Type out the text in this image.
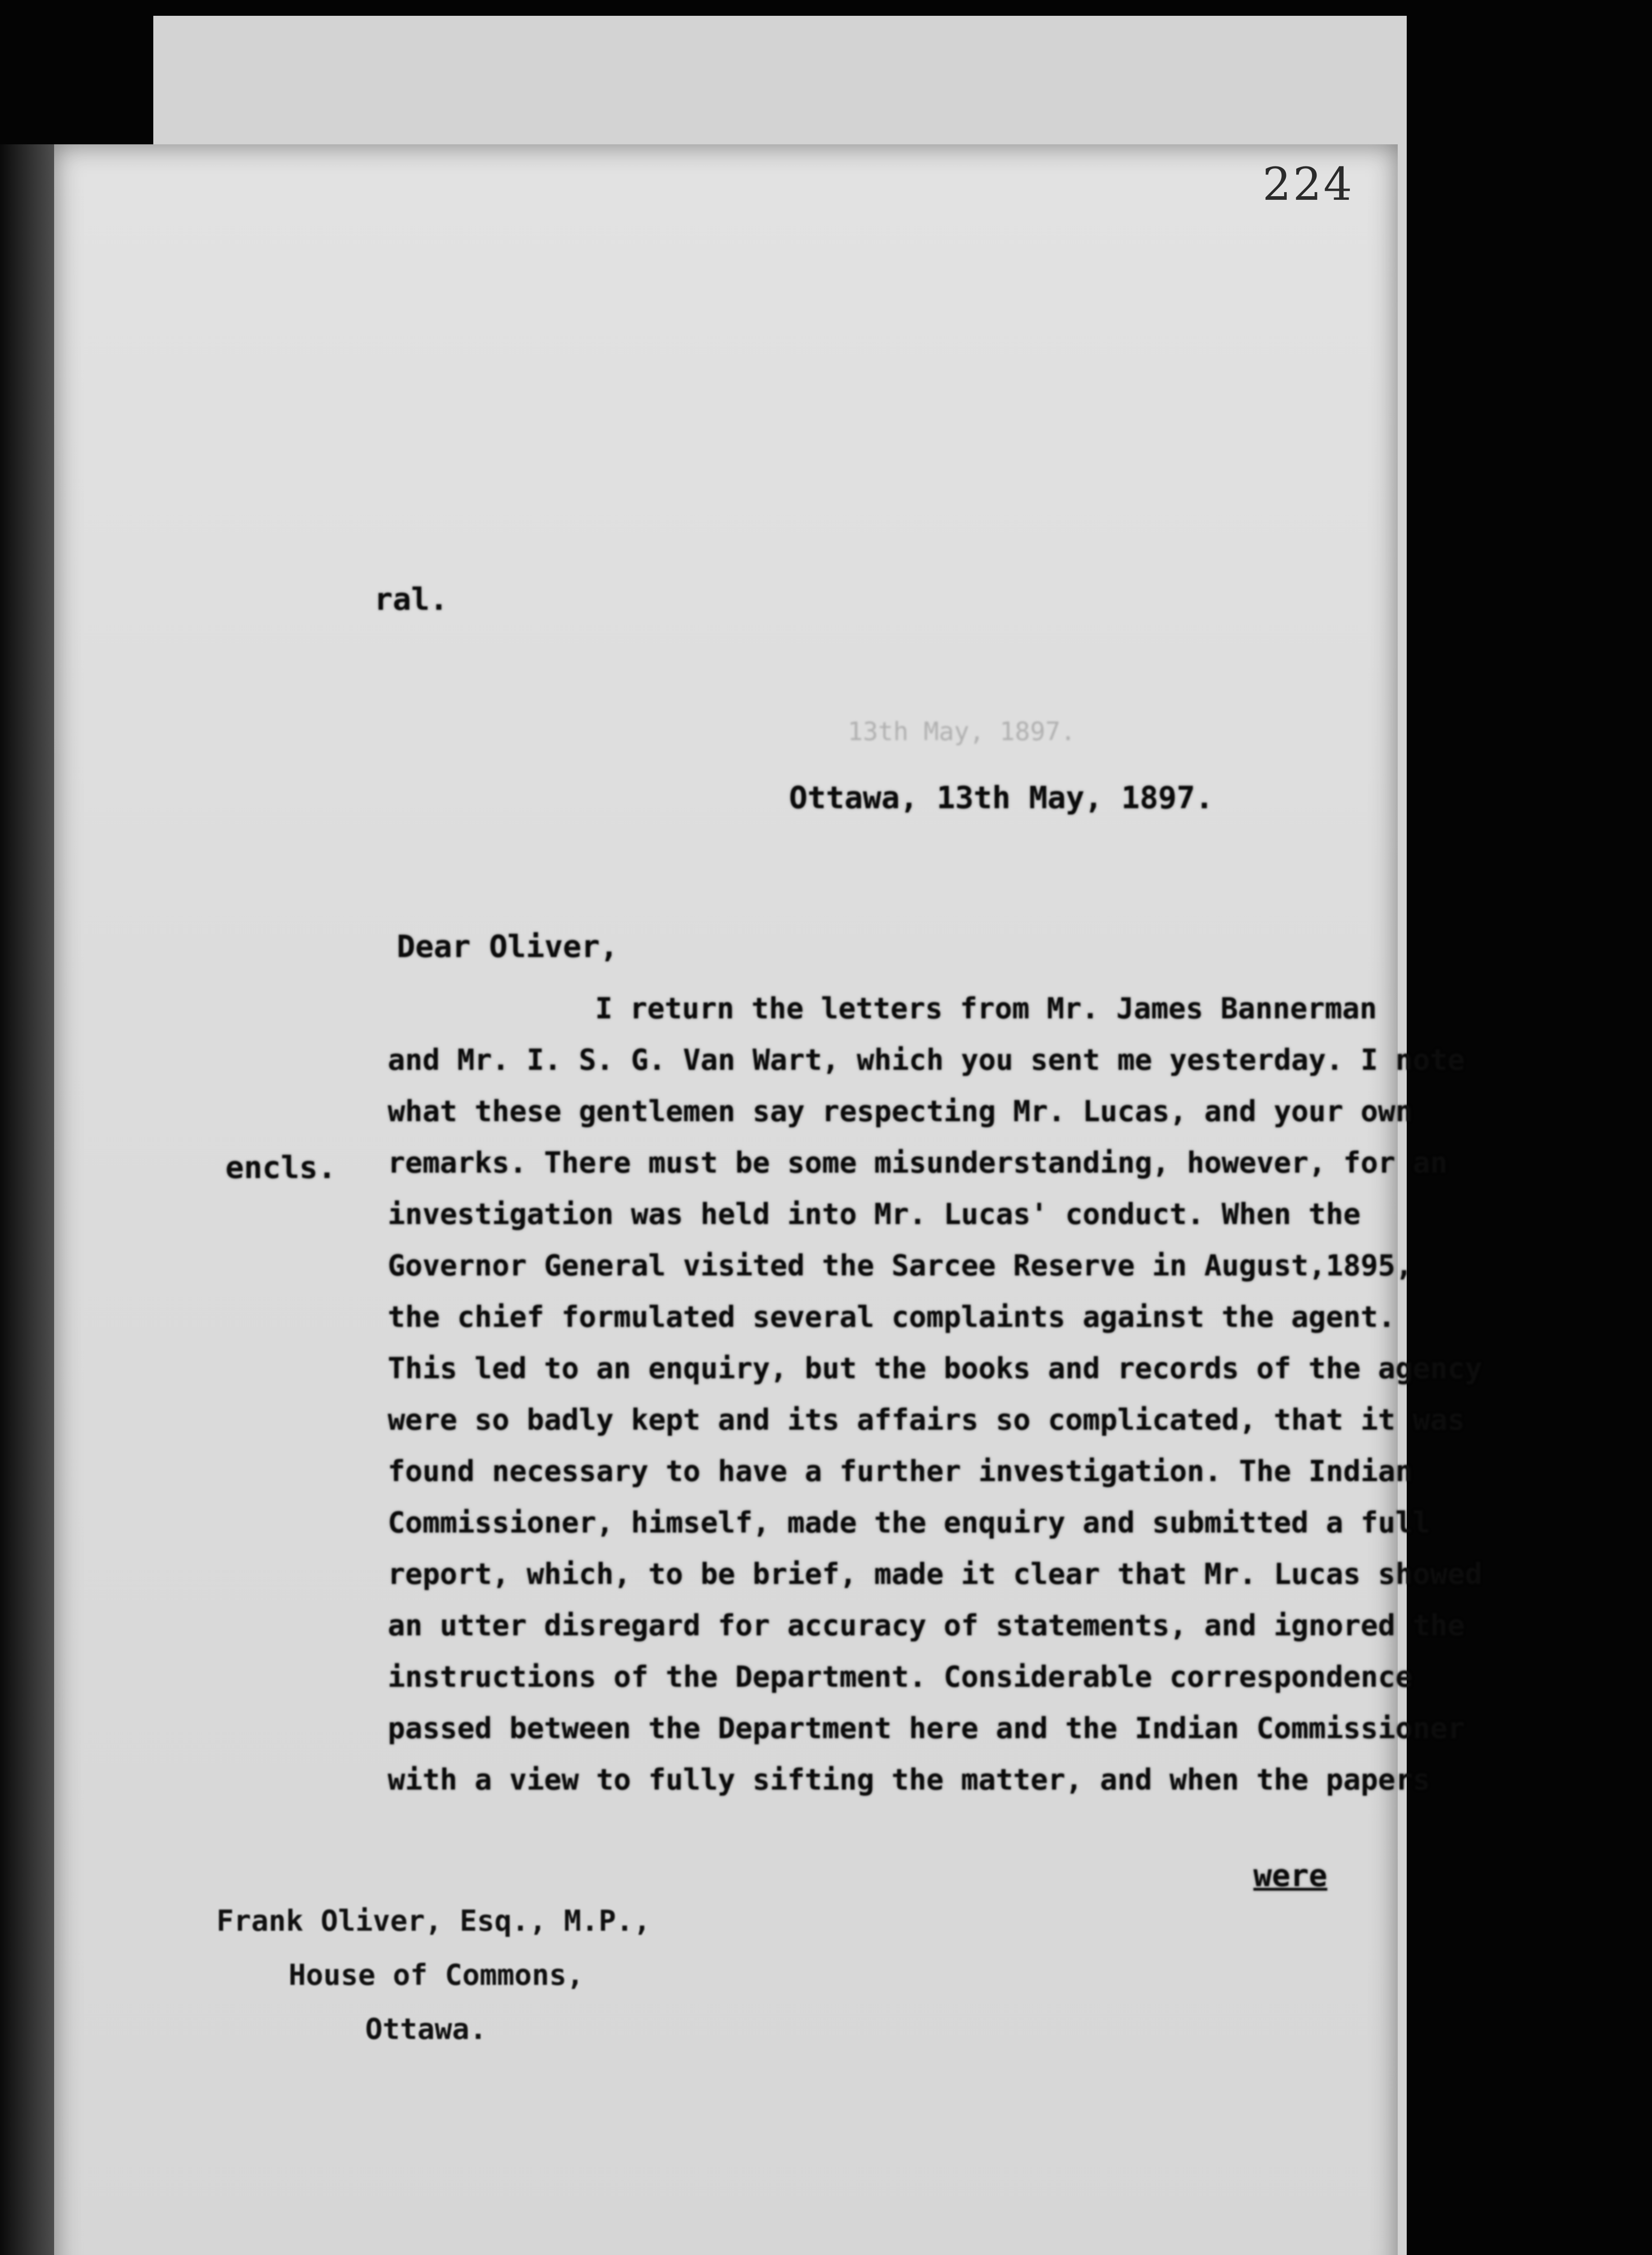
224
ral.
13th May, 1897.
Ottawa, 13th May, 1897.
Dear Oliver,
encls.
I return the letters from Mr. James Bannerman
and Mr. I. S. G. Van Wart, which you sent me yesterday. I note
what these gentlemen say respecting Mr. Lucas, and your own
remarks. There must be some misunderstanding, however, for an
investigation was held into Mr. Lucas' conduct. When the
Governor General visited the Sarcee Reserve in August,1895,
the chief formulated several complaints against the agent.
This led to an enquiry, but the books and records of the agency
were so badly kept and its affairs so complicated, that it was
found necessary to have a further investigation. The Indian
Commissioner, himself, made the enquiry and submitted a full
report, which, to be brief, made it clear that Mr. Lucas showed
an utter disregard for accuracy of statements, and ignored the
instructions of the Department. Considerable correspondence
passed between the Department here and the Indian Commissioner
with a view to fully sifting the matter, and when the papers
were
Frank Oliver, Esq., M.P.,
House of Commons,
Ottawa.
